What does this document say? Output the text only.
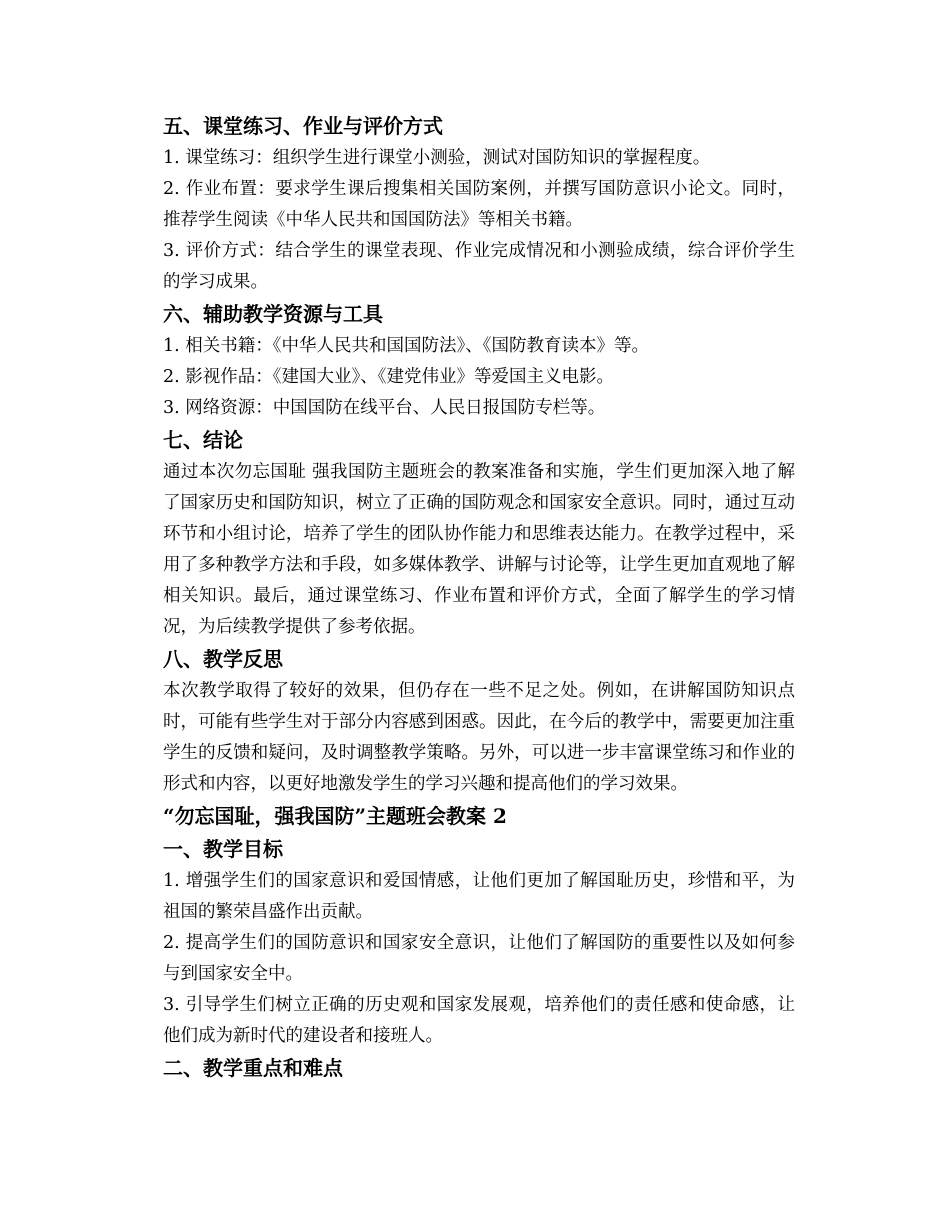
五、课堂练习、作业与评价方式

1. 课堂练习：组织学生进行课堂小测验，测试对国防知识的掌握程度。

2. 作业布置：要求学生课后搜集相关国防案例，并撰写国防意识小论文。同时，推荐学生阅读《中华人民共和国国防法》等相关书籍。

3. 评价方式：结合学生的课堂表现、作业完成情况和小测验成绩，综合评价学生的学习成果。

六、辅助教学资源与工具

1. 相关书籍：《中华人民共和国国防法》、《国防教育读本》等。

2. 影视作品：《建国大业》、《建党伟业》等爱国主义电影。

3. 网络资源：中国国防在线平台、人民日报国防专栏等。

七、结论

通过本次勿忘国耻 强我国防主题班会的教案准备和实施，学生们更加深入地了解了国家历史和国防知识，树立了正确的国防观念和国家安全意识。同时，通过互动环节和小组讨论，培养了学生的团队协作能力和思维表达能力。在教学过程中，采用了多种教学方法和手段，如多媒体教学、讲解与讨论等，让学生更加直观地了解相关知识。最后，通过课堂练习、作业布置和评价方式，全面了解学生的学习情况，为后续教学提供了参考依据。

八、教学反思

本次教学取得了较好的效果，但仍存在一些不足之处。例如，在讲解国防知识点时，可能有些学生对于部分内容感到困惑。因此，在今后的教学中，需要更加注重学生的反馈和疑问，及时调整教学策略。另外，可以进一步丰富课堂练习和作业的形式和内容，以更好地激发学生的学习兴趣和提高他们的学习效果。

“勿忘国耻，强我国防”主题班会教案 2
一、教学目标

1. 增强学生们的国家意识和爱国情感，让他们更加了解国耻历史，珍惜和平，为祖国的繁荣昌盛作出贡献。

2. 提高学生们的国防意识和国家安全意识，让他们了解国防的重要性以及如何参与到国家安全中。

3. 引导学生们树立正确的历史观和国家发展观，培养他们的责任感和使命感，让他们成为新时代的建设者和接班人。

二、教学重点和难点
